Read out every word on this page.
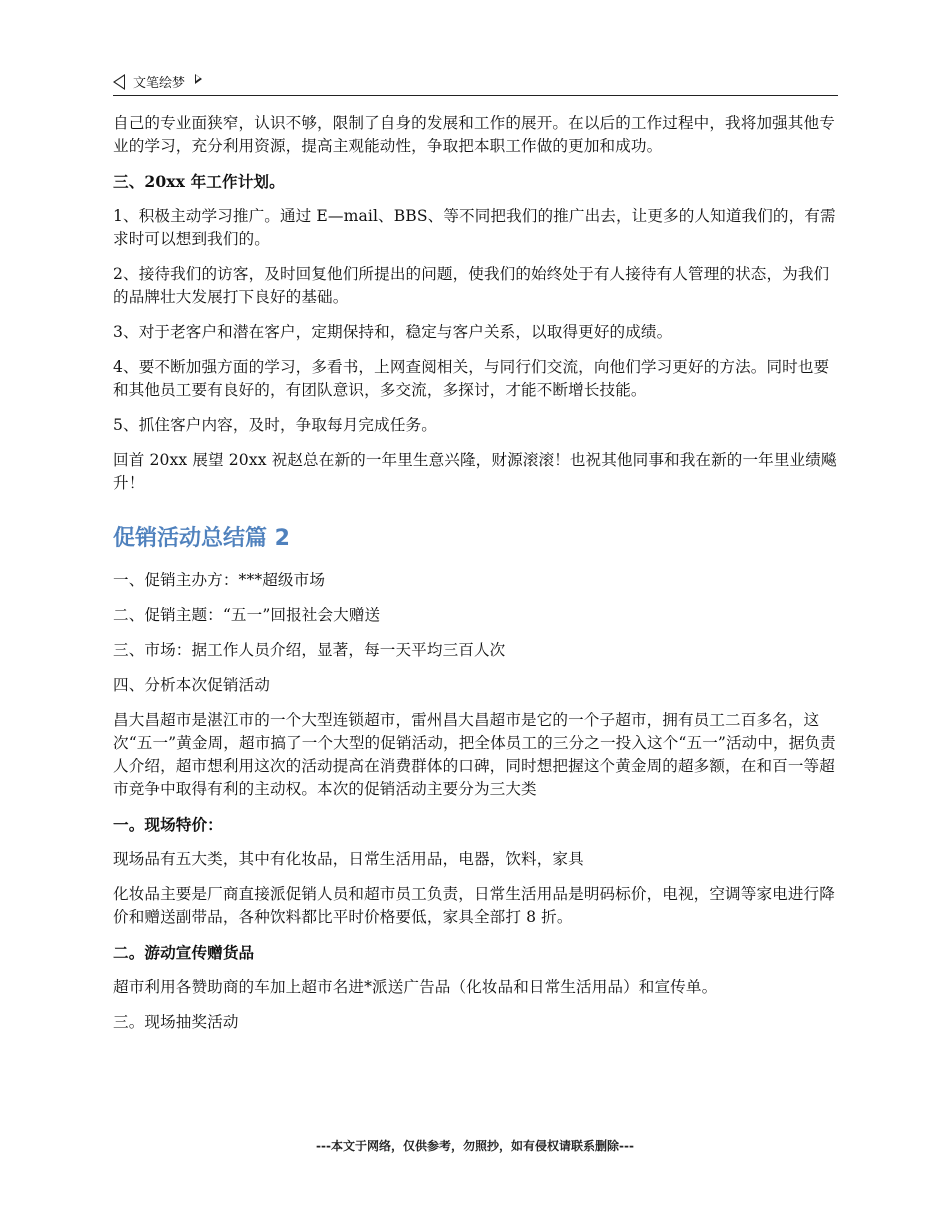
文笔绘梦

自己的专业面狭窄，认识不够，限制了自身的发展和工作的展开。在以后的工作过程中，我将加强其他专业的学习，充分利用资源，提高主观能动性，争取把本职工作做的更加和成功。

三、20xx 年工作计划。

1、积极主动学习推广。通过 E—mail、BBS、等不同把我们的推广出去，让更多的人知道我们的，有需求时可以想到我们的。

2、接待我们的访客，及时回复他们所提出的问题，使我们的始终处于有人接待有人管理的状态，为我们的品牌壮大发展打下良好的基础。

3、对于老客户和潜在客户，定期保持和，稳定与客户关系，以取得更好的成绩。

4、要不断加强方面的学习，多看书，上网查阅相关，与同行们交流，向他们学习更好的方法。同时也要和其他员工要有良好的，有团队意识，多交流，多探讨，才能不断增长技能。

5、抓住客户内容，及时，争取每月完成任务。

回首 20xx 展望 20xx 祝赵总在新的一年里生意兴隆，财源滚滚！也祝其他同事和我在新的一年里业绩飚升！

促销活动总结篇 2

一、促销主办方：***超级市场

二、促销主题：“五一”回报社会大赠送

三、市场：据工作人员介绍，显著，每一天平均三百人次

四、分析本次促销活动

昌大昌超市是湛江市的一个大型连锁超市，雷州昌大昌超市是它的一个子超市，拥有员工二百多名，这次“五一”黄金周，超市搞了一个大型的促销活动，把全体员工的三分之一投入这个“五一”活动中，据负责人介绍，超市想利用这次的活动提高在消费群体的口碑，同时想把握这个黄金周的超多额，在和百一等超市竞争中取得有利的主动权。本次的促销活动主要分为三大类

一。现场特价：

现场品有五大类，其中有化妆品，日常生活用品，电器，饮料，家具

化妆品主要是厂商直接派促销人员和超市员工负责，日常生活用品是明码标价，电视，空调等家电进行降价和赠送副带品，各种饮料都比平时价格要低，家具全部打 8 折。

二。游动宣传赠货品

超市利用各赞助商的车加上超市名进*派送广告品（化妆品和日常生活用品）和宣传单。

三。现场抽奖活动

---本文于网络，仅供参考，勿照抄，如有侵权请联系删除---
